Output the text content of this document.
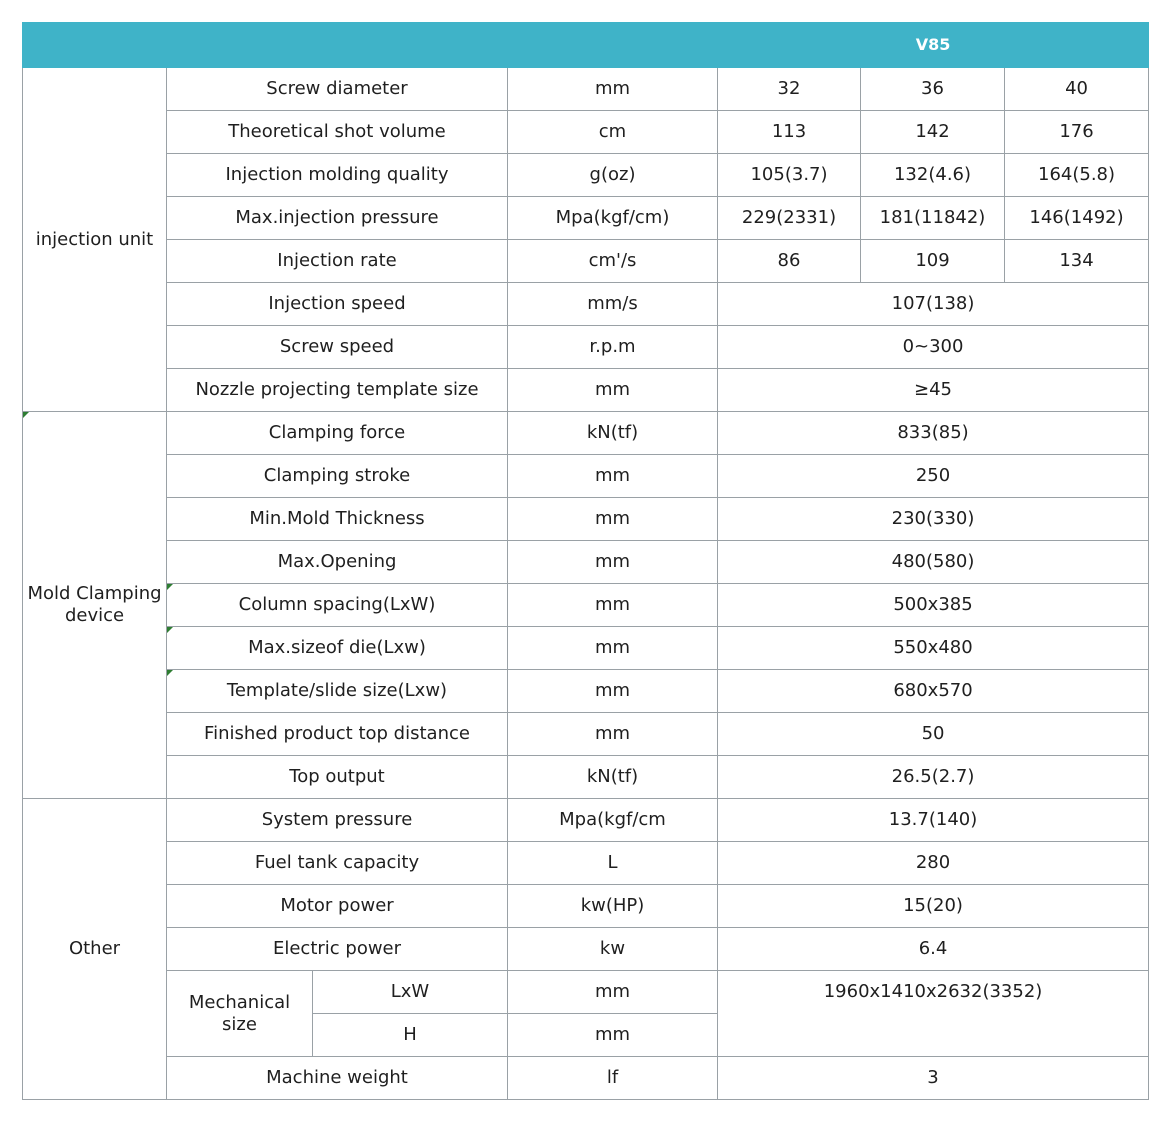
				V85		
injection unit	Screw diameter		mm	32	36	40
	Theoretical shot volume		cm	113	142	176
	Injection molding quality		g(oz)	105(3.7)	132(4.6)	164(5.8)
	Max.injection pressure		Mpa(kgf/cm)	229(2331)	181(11842)	146(1492)
	Injection rate		cm'/s	86	109	134
	Injection speed		mm/s	107(138)		
	Screw speed		r.p.m	0~300		
	Nozzle projecting template size		mm	≥45		
Mold Clamping
device	Clamping force		kN(tf)	833(85)		
	Clamping stroke		mm	250		
	Min.Mold Thickness		mm	230(330)		
	Max.Opening		mm	480(580)		
	Column spacing(LxW)		mm	500x385		
	Max.sizeof die(Lxw)		mm	550x480		
	Template/slide size(Lxw)		mm	680x570		
	Finished product top distance		mm	50		
	Top output		kN(tf)	26.5(2.7)		
Other	System pressure		Mpa(kgf/cm	13.7(140)		
	Fuel tank capacity		L	280		
	Motor power		kw(HP)	15(20)		
	Electric power		kw	6.4		
	Mechanical
size	LxW	mm	1960x1410x2632(3352)		
		H	mm			
	Machine weight		lf	3		
